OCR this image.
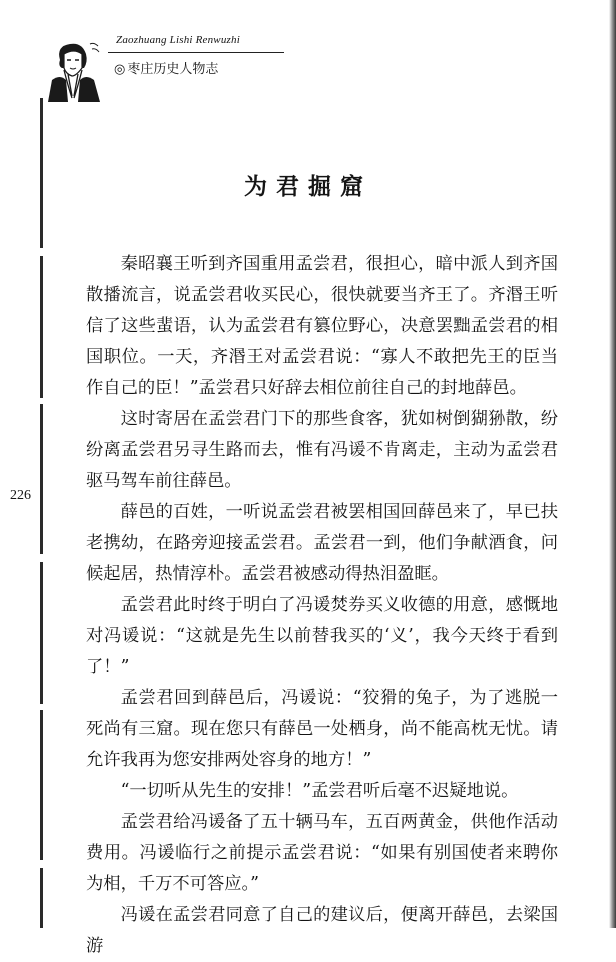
Zaozhuang Lishi Renwuzhi
◎ 枣庄历史人物志
226
为君掘窟

秦昭襄王听到齐国重用孟尝君，很担心，暗中派人到齐国散播流言，说孟尝君收买民心，很快就要当齐王了。齐湣王听信了这些蜚语，认为孟尝君有篡位野心，决意罢黜孟尝君的相国职位。一天，齐湣王对孟尝君说：“寡人不敢把先王的臣当作自己的臣！”孟尝君只好辞去相位前往自己的封地薛邑。

这时寄居在孟尝君门下的那些食客，犹如树倒猢狲散，纷纷离孟尝君另寻生路而去，惟有冯谖不肯离走，主动为孟尝君驱马驾车前往薛邑。

薛邑的百姓，一听说孟尝君被罢相国回薛邑来了，早已扶老携幼，在路旁迎接孟尝君。孟尝君一到，他们争献酒食，问候起居，热情淳朴。孟尝君被感动得热泪盈眶。

孟尝君此时终于明白了冯谖焚券买义收德的用意，感慨地对冯谖说：“这就是先生以前替我买的‘义’，我今天终于看到了！”

孟尝君回到薛邑后，冯谖说：“狡猾的兔子，为了逃脱一死尚有三窟。现在您只有薛邑一处栖身，尚不能高枕无忧。请允许我再为您安排两处容身的地方！”

“一切听从先生的安排！”孟尝君听后毫不迟疑地说。

孟尝君给冯谖备了五十辆马车，五百两黄金，供他作活动费用。冯谖临行之前提示孟尝君说：“如果有别国使者来聘你为相，千万不可答应。”

冯谖在孟尝君同意了自己的建议后，便离开薛邑，去梁国游
